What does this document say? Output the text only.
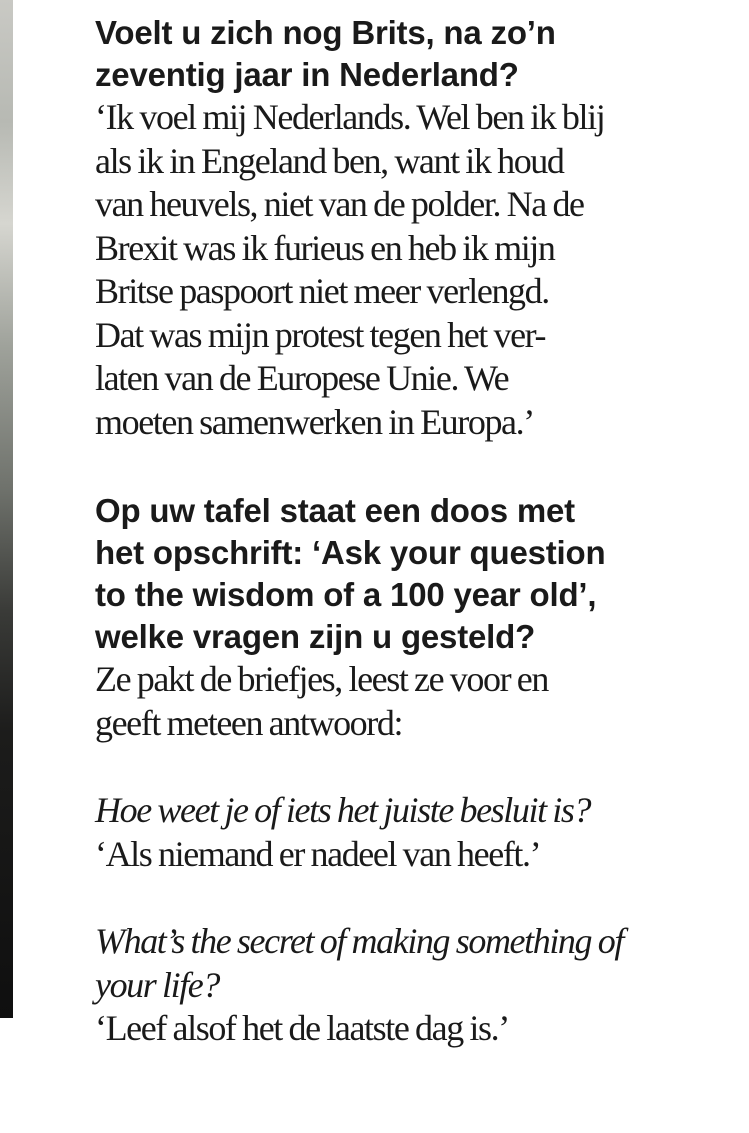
Voelt u zich nog Brits, na zo’n
zeventig jaar in Nederland?

‘Ik voel mij Nederlands. Wel ben ik blij
als ik in Engeland ben, want ik houd
van heuvels, niet van de polder. Na de
Brexit was ik furieus en heb ik mijn
Britse paspoort niet meer verlengd.
Dat was mijn protest tegen het ver-
laten van de Europese Unie. We
moeten samenwerken in Europa.’

Op uw tafel staat een doos met
het opschrift: ‘Ask your question
to the wisdom of a 100 year old’,
welke vragen zijn u gesteld?

Ze pakt de briefjes, leest ze voor en
geeft meteen antwoord:

Hoe weet je of iets het juiste besluit is?

‘Als niemand er nadeel van heeft.’

What’s the secret of making something of
your life?

‘Leef alsof het de laatste dag is.’
